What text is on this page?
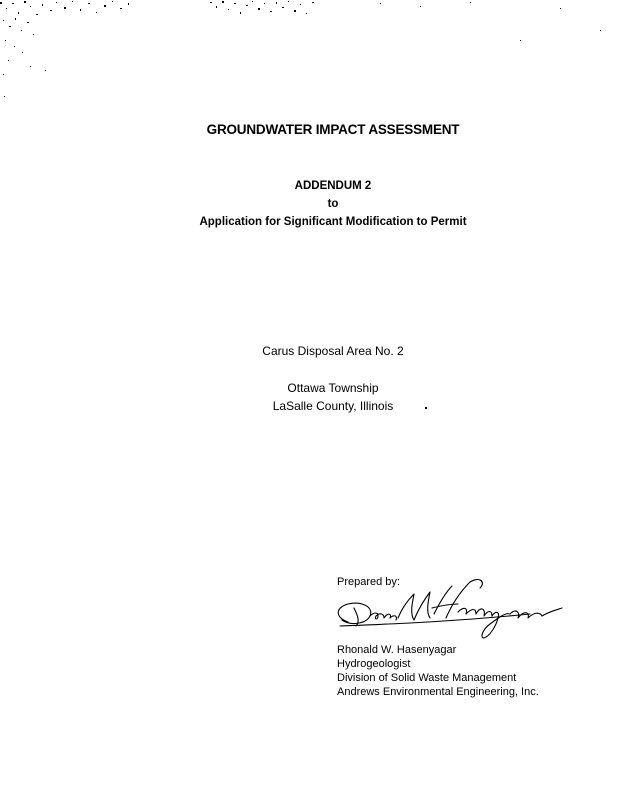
GROUNDWATER IMPACT ASSESSMENT
ADDENDUM 2
to
Application for Significant Modification to Permit
Carus Disposal Area No. 2
Ottawa Township
LaSalle County, Illinois
Prepared by:
Rhonald W. Hasenyagar
Hydrogeologist
Division of Solid Waste Management
Andrews Environmental Engineering, Inc.
